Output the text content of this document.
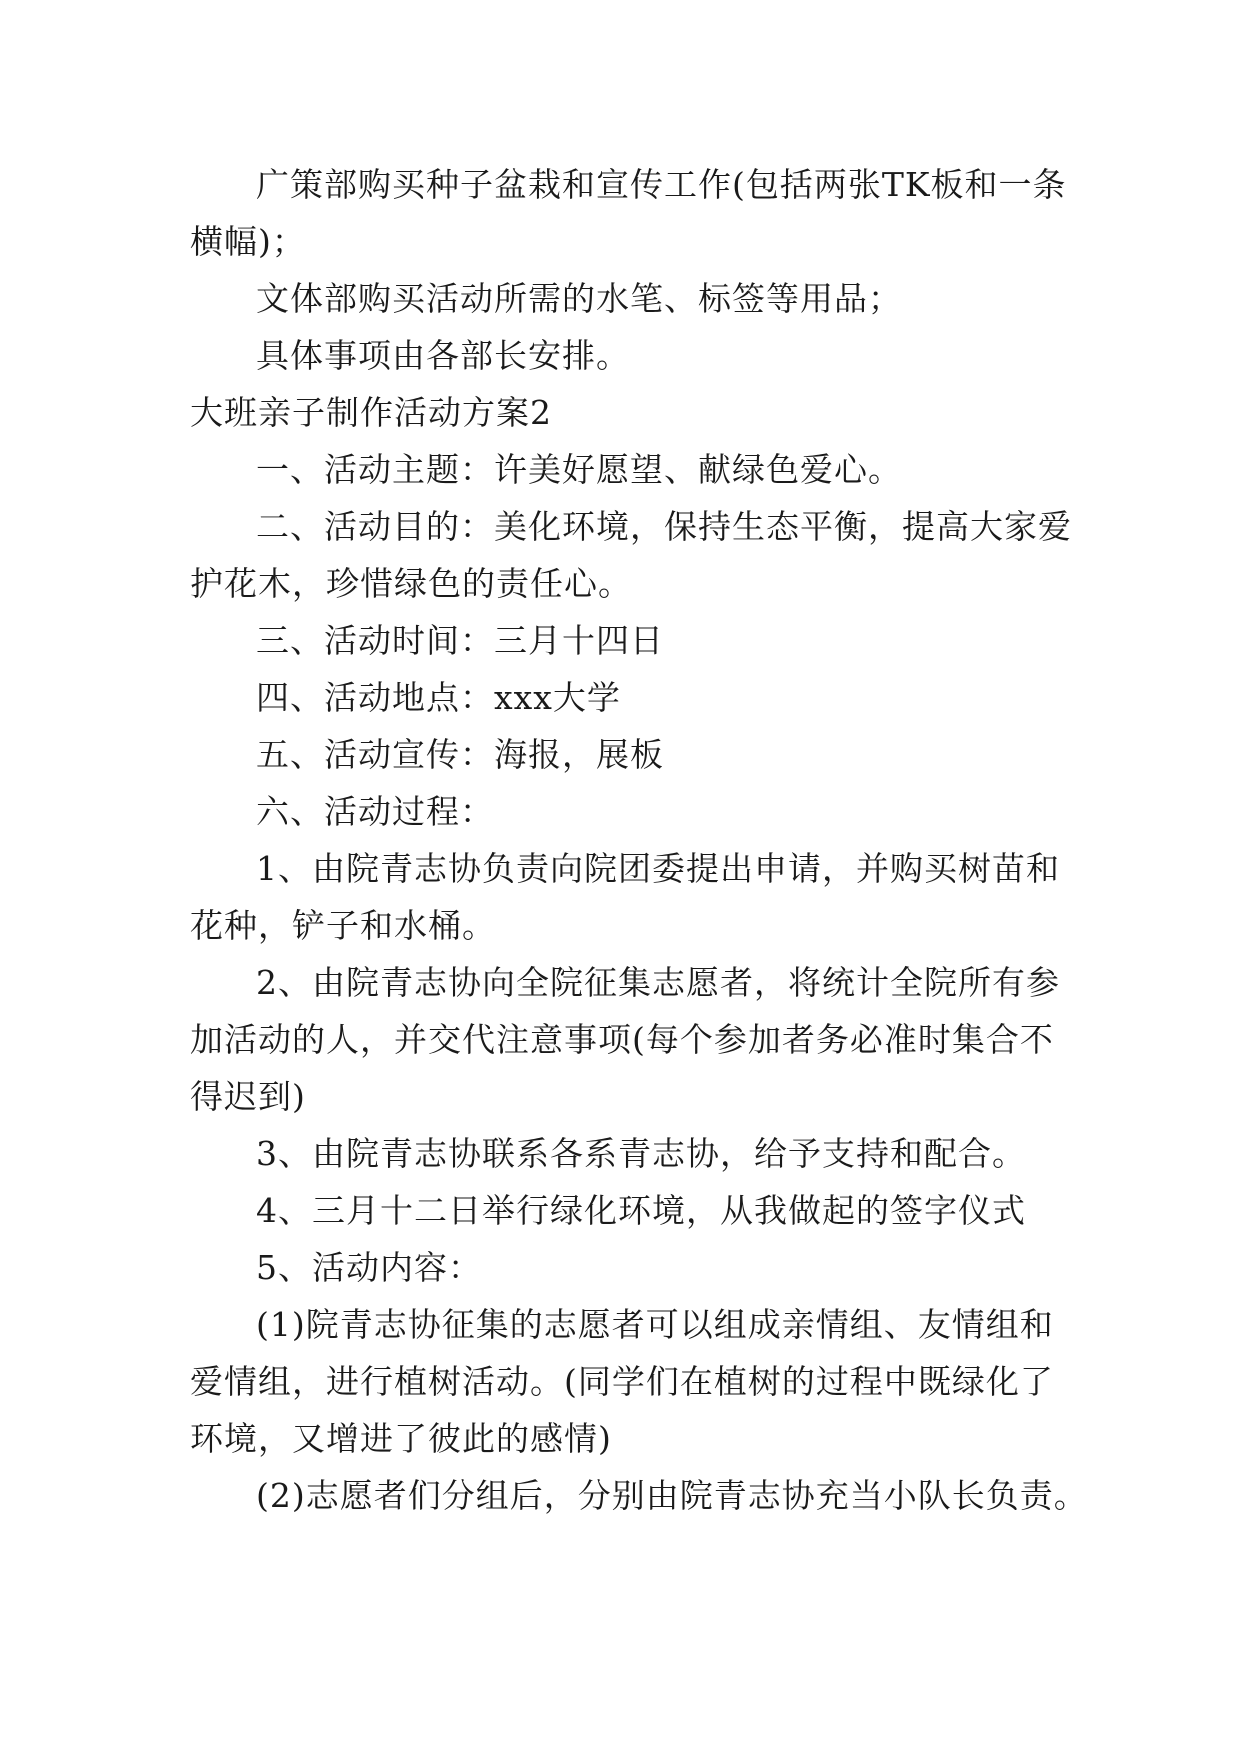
广策部购买种子盆栽和宣传工作(包括两张TK板和一条
横幅)；
文体部购买活动所需的水笔、标签等用品；
具体事项由各部长安排。
大班亲子制作活动方案2
一、活动主题：许美好愿望、献绿色爱心。
二、活动目的：美化环境，保持生态平衡，提高大家爱
护花木，珍惜绿色的责任心。
三、活动时间：三月十四日
四、活动地点：xxx大学
五、活动宣传：海报，展板
六、活动过程：
1、由院青志协负责向院团委提出申请，并购买树苗和
花种，铲子和水桶。
2、由院青志协向全院征集志愿者，将统计全院所有参
加活动的人，并交代注意事项(每个参加者务必准时集合不
得迟到)
3、由院青志协联系各系青志协，给予支持和配合。
4、三月十二日举行绿化环境，从我做起的签字仪式
5、活动内容：
(1)院青志协征集的志愿者可以组成亲情组、友情组和
爱情组，进行植树活动。(同学们在植树的过程中既绿化了
环境，又增进了彼此的感情)
(2)志愿者们分组后，分别由院青志协充当小队长负责。
